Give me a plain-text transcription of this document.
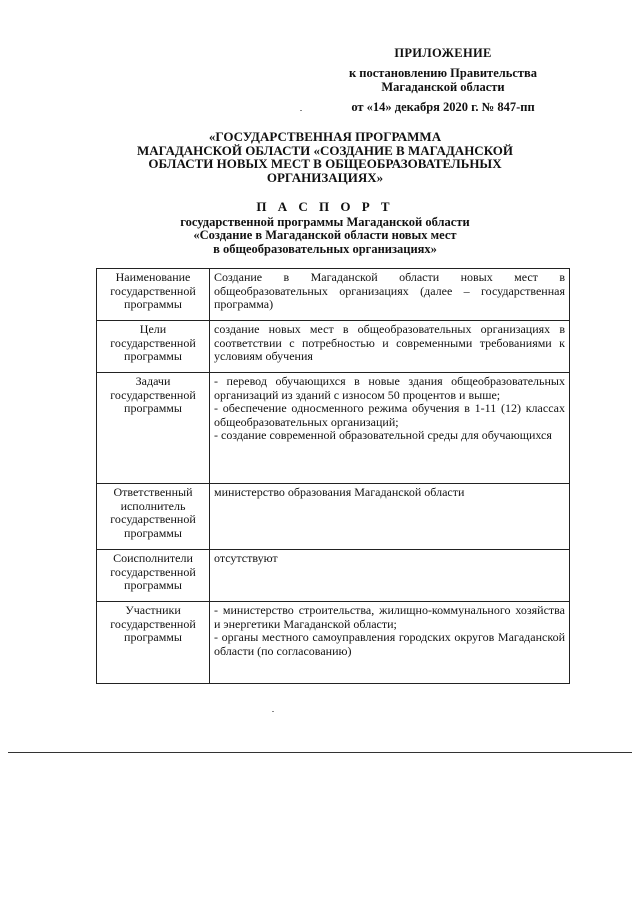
ПРИЛОЖЕНИЕ
к постановлению Правительства
Магаданской области
от «14» декабря 2020 г. № 847-пп
«ГОСУДАРСТВЕННАЯ ПРОГРАММА
МАГАДАНСКОЙ ОБЛАСТИ «СОЗДАНИЕ В МАГАДАНСКОЙ
ОБЛАСТИ НОВЫХ МЕСТ В ОБЩЕОБРАЗОВАТЕЛЬНЫХ
ОРГАНИЗАЦИЯХ»
П А С П О Р Т
государственной программы Магаданской области
«Создание в Магаданской области новых мест
в общеобразовательных организациях»
Наименование государственной программы	Создание в Магаданской области новых мест в общеобразовательных организациях (далее – государственная программа)

Цели государственной программы	создание новых мест в общеобразовательных организациях в соответствии с потребностью и современными требованиями к условиям обучения

Задачи государственной программы	- перевод обучающихся в новые здания общеобразовательных организаций из зданий с износом 50 процентов и выше;
- обеспечение односменного режима обучения в 1-11 (12) классах общеобразовательных организаций;
- создание современной образовательной среды для обучающихся

Ответственный исполнитель государственной программы	министерство образования Магаданской области

Соисполнители государственной программы	отсутствуют

Участники государственной программы	- министерство строительства, жилищно-коммунального хозяйства и энергетики Магаданской области;
- органы местного самоуправления городских округов Магаданской области (по согласованию)
